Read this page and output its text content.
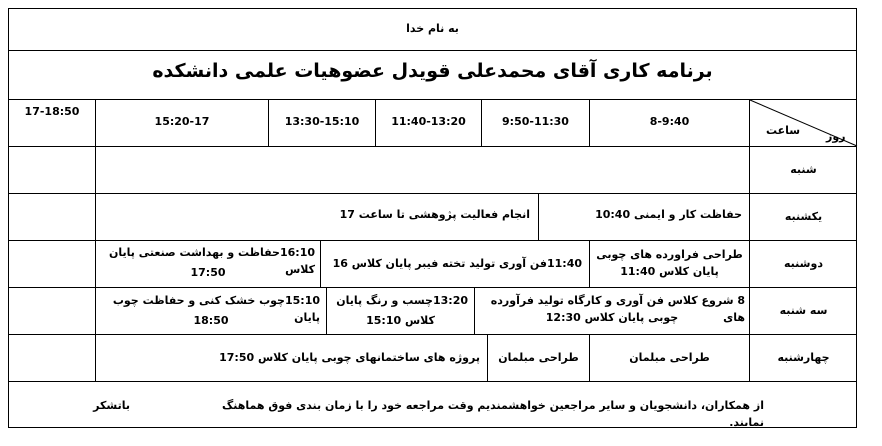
به نام خدا
برنامه کاری آقای محمدعلی قویدل عضوهیات علمی دانشکده
روز
ساعت
8-9:40
9:50-11:30
11:40-13:20
13:30-15:10
15:20-17
17-18:50
شنبه
یکشنبه
دوشنبه
سه شنبه
چهارشنبه
حفاظت کار و ایمنی 10:40
انجام فعالیت پژوهشی تا ساعت 17
طراحی فراورده های چوبی
پایان کلاس 11:40
11:40فن آوری تولید تخته فیبر پایان کلاس 16
16:10حفاظت و بهداشت صنعتی پایان کلاس
17:50
8 شروع کلاس فن آوری و کارگاه تولید فرآورده های
چوبی پایان کلاس 12:30
13:20چسب و رنگ پایان
کلاس 15:10
15:10چوب خشک کنی و حفاظت چوب پایان
18:50
طراحی مبلمان
طراحی مبلمان
پروژه های ساختمانهای چوبی پایان کلاس 17:50
از همکاران، دانشجویان و سایر مراجعین خواهشمندیم وقت مراجعه خود را با زمان بندی فوق هماهنگ نمایند.
باتشکر
